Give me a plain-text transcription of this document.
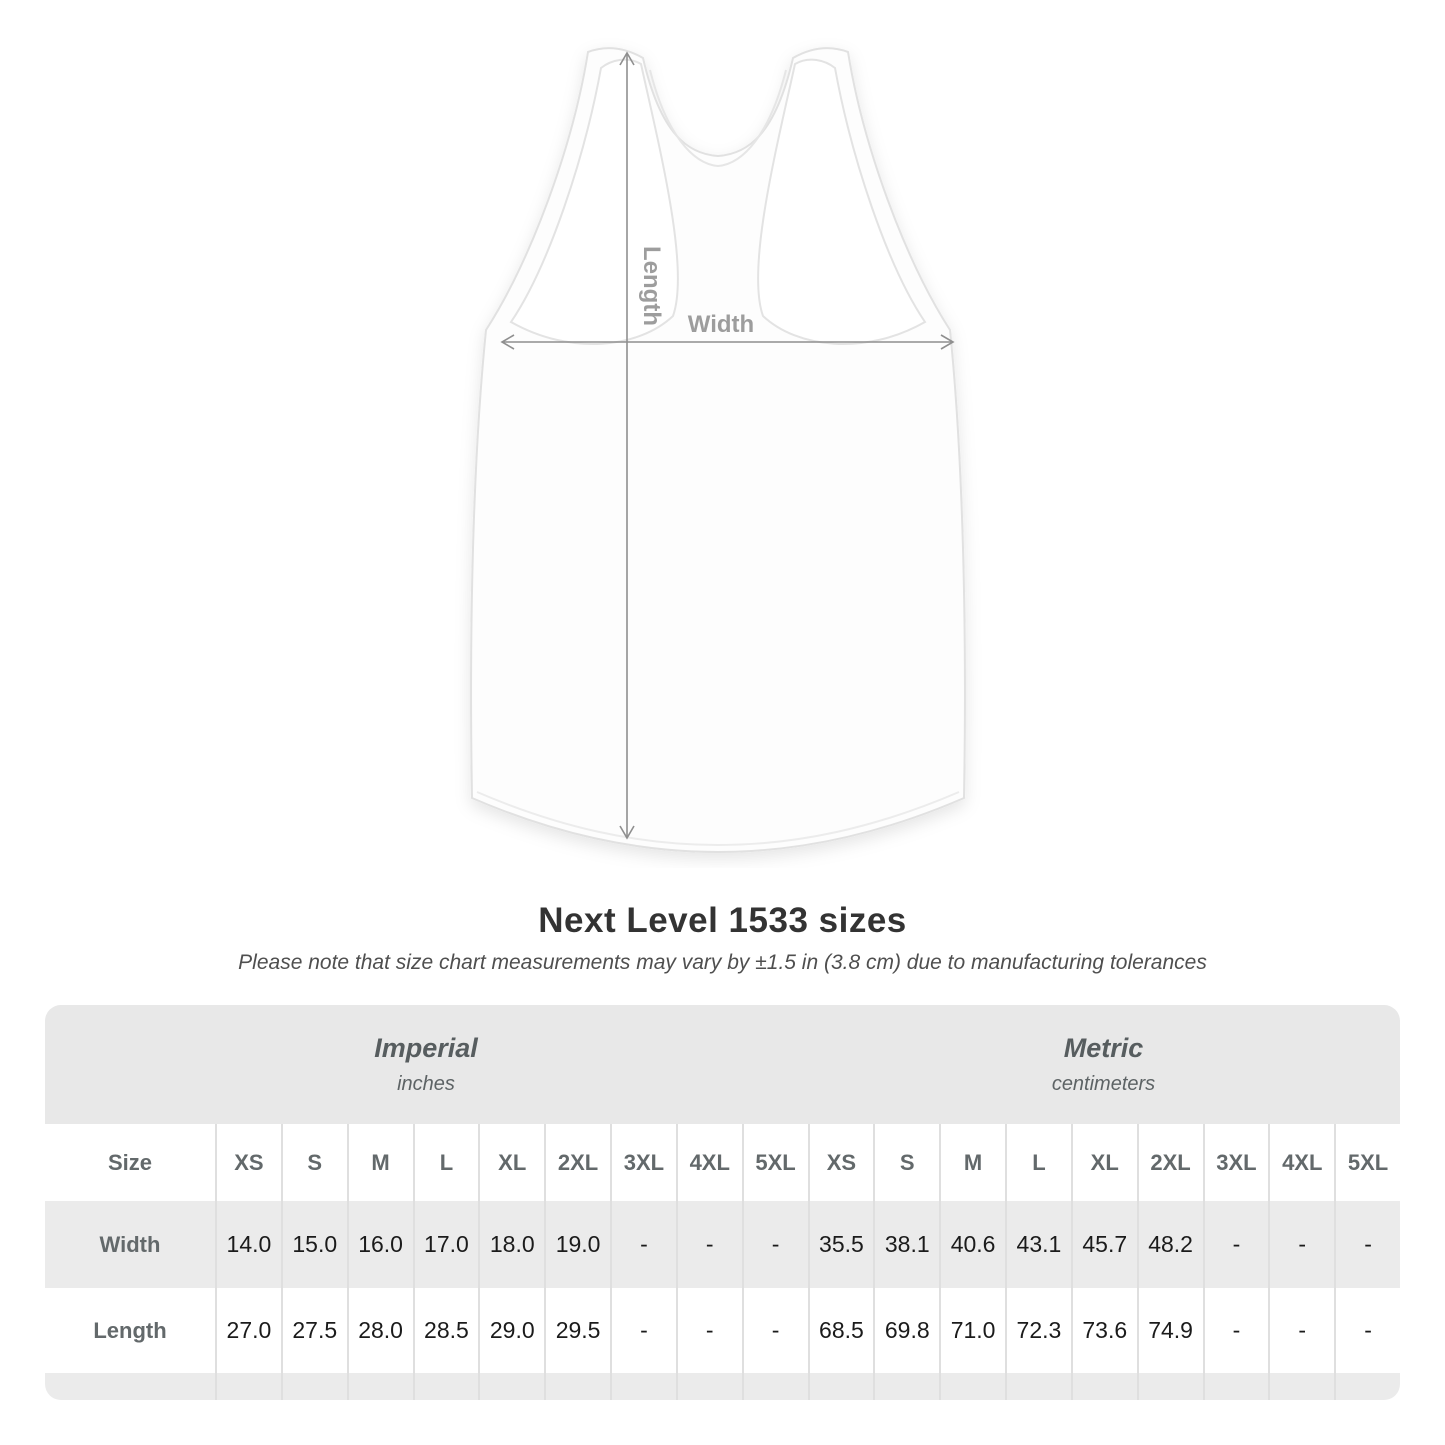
Length Width
Next Level 1533 sizes

Please note that size chart measurements may vary by ±1.5 in (3.8 cm) due to manufacturing tolerances

Imperial
inches
Metric
centimeters
Size	XS	S	M	L	XL	2XL	3XL	4XL	5XL	XS	S	M	L	XL	2XL	3XL	4XL	5XL
Width	14.0 15.0 16.0 17.0 18.0 19.0	-	-	-	35.5 38.1 40.6 43.1 45.7 48.2	-	-	-
Length	27.0 27.5 28.0 28.5 29.0 29.5	-	-	-	68.5 69.8 71.0 72.3 73.6 74.9	-	-	-
